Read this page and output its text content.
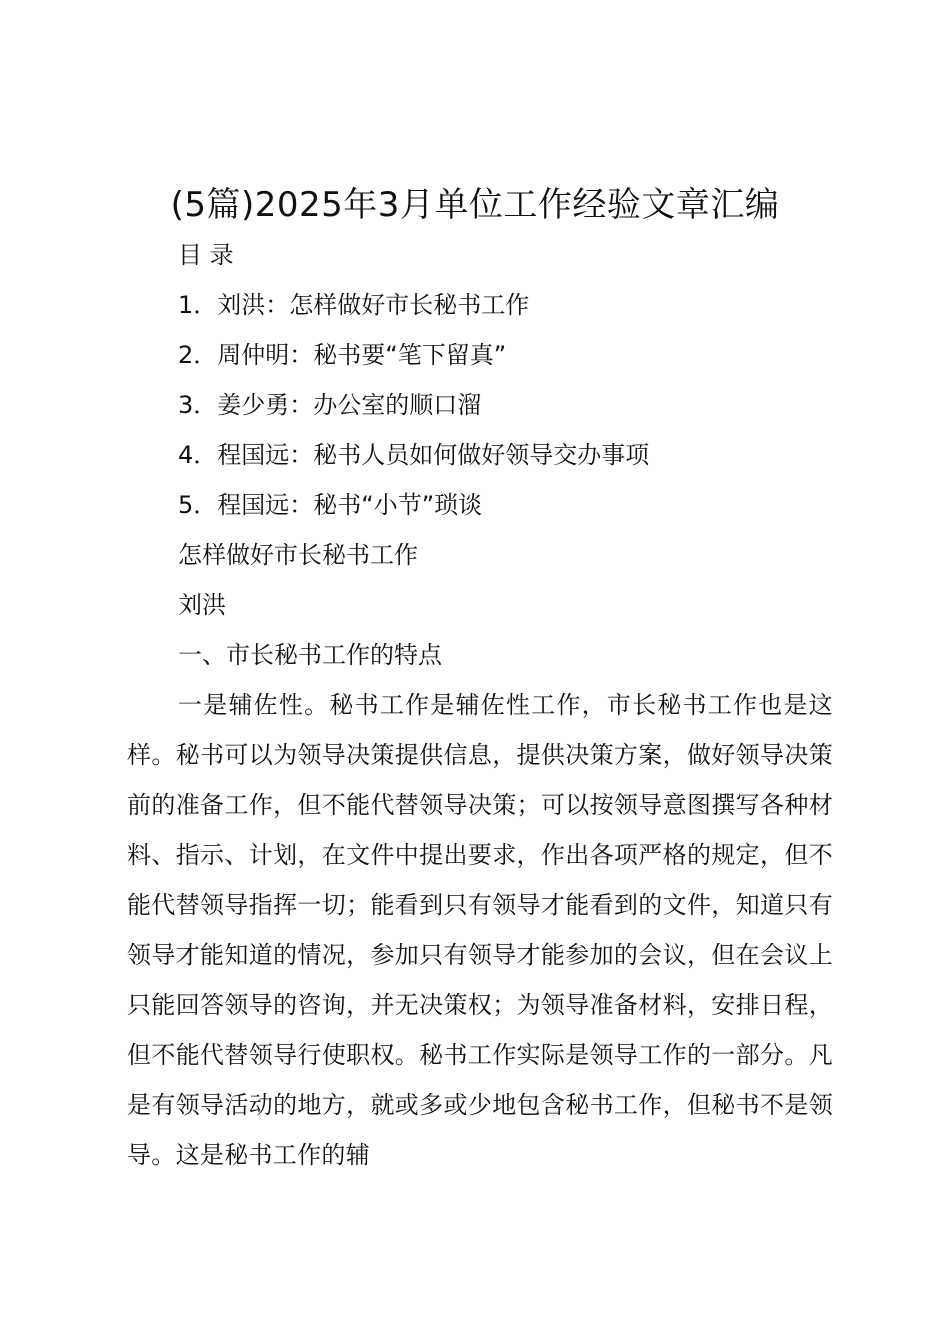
(5篇)2025年3月单位工作经验文章汇编

目 录

1．刘洪：怎样做好市长秘书工作
2．周仲明：秘书要“笔下留真”
3．姜少勇：办公室的顺口溜
4．程国远：秘书人员如何做好领导交办事项
5．程国远：秘书“小节”琐谈

怎样做好市长秘书工作

刘洪

一、市长秘书工作的特点

一是辅佐性。秘书工作是辅佐性工作，市长秘书工作也是这样。秘书可以为领导决策提供信息，提供决策方案，做好领导决策前的准备工作，但不能代替领导决策；可以按领导意图撰写各种材料、指示、计划，在文件中提出要求，作出各项严格的规定，但不能代替领导指挥一切；能看到只有领导才能看到的文件，知道只有领导才能知道的情况，参加只有领导才能参加的会议，但在会议上只能回答领导的咨询，并无决策权；为领导准备材料，安排日程，但不能代替领导行使职权。秘书工作实际是领导工作的一部分。凡是有领导活动的地方，就或多或少地包含秘书工作，但秘书不是领导。这是秘书工作的辅
